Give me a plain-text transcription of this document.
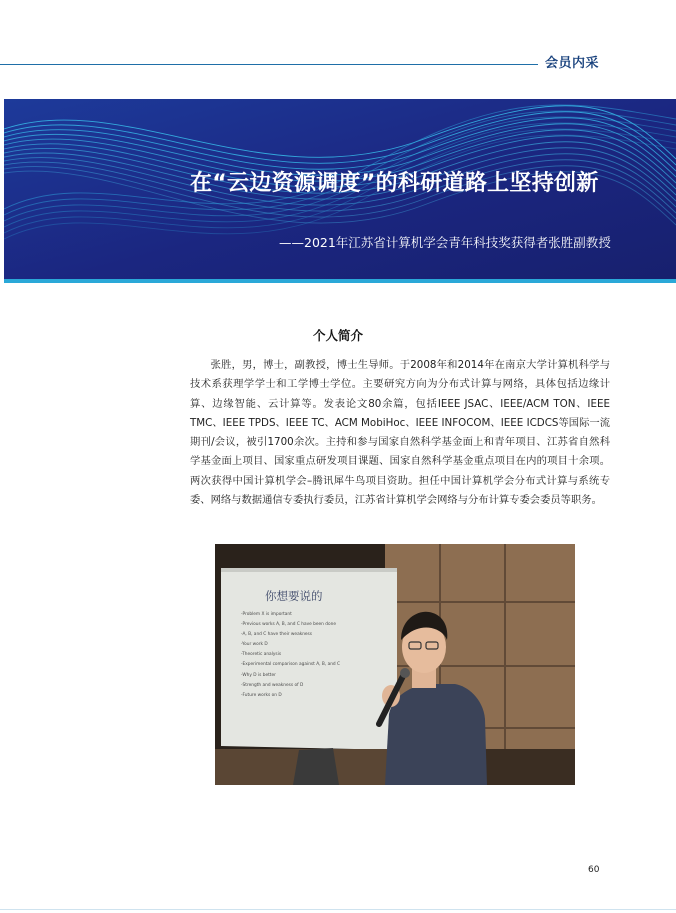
会员内采
在“云边资源调度”的科研道路上坚持创新
——2021年江苏省计算机学会青年科技奖获得者张胜副教授
个人简介

张胜，男，博士，副教授，博士生导师。于2008年和2014年在南京大学计算机科学与技术系获理学学士和工学博士学位。主要研究方向为分布式计算与网络，具体包括边缘计算、边缘智能、云计算等。发表论文80余篇，包括IEEE JSAC、IEEE/ACM TON、IEEE TMC、IEEE TPDS、IEEE TC、ACM MobiHoc、IEEE INFOCOM、IEEE ICDCS等国际一流期刊/会议，被引1700余次。主持和参与国家自然科学基金面上和青年项目、江苏省自然科学基金面上项目、国家重点研发项目课题、国家自然科学基金重点项目在内的项目十余项。两次获得中国计算机学会–腾讯犀牛鸟项目资助。担任中国计算机学会分布式计算与系统专委、网络与数据通信专委执行委员，江苏省计算机学会网络与分布计算专委会委员等职务。

你想要说的
-Problem X is important
-Previous works A, B, and C have been done
-A, B, and C have their weakness
-Your work D
-Theoretic analysis
-Experimental comparison against A, B, and C
-Why D is better
-Strength and weakness of D
-Future works on D
60
